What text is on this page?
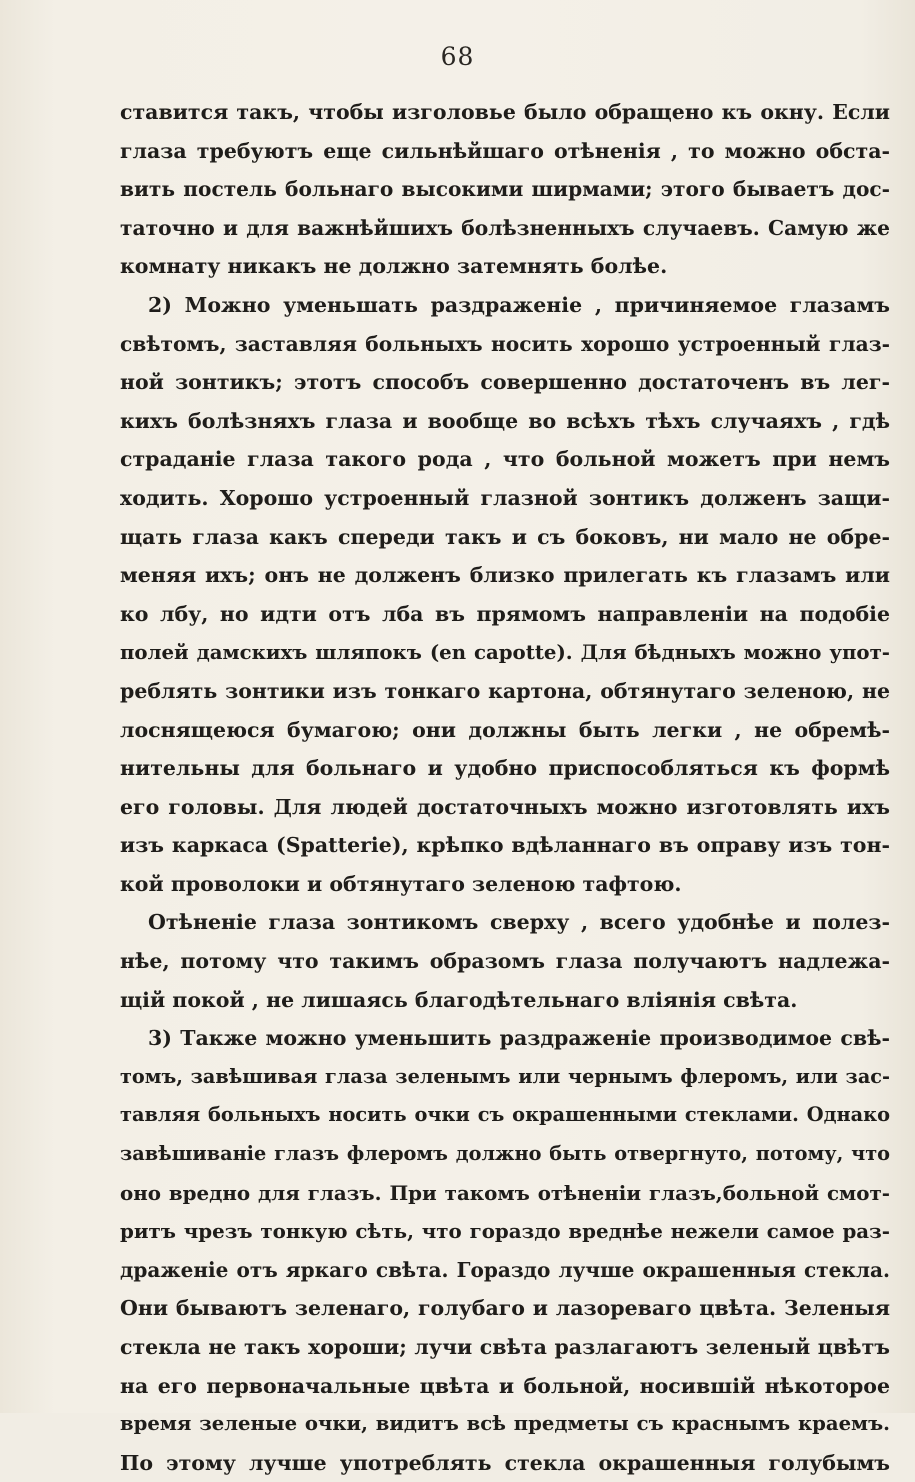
68
ставится такъ, чтобы изголовье было обращено къ окну. Если
глаза требуютъ еще сильнѣйшаго отѣненія , то можно обста-
вить постель больнаго высокими ширмами; этого бываетъ дос-
таточно и для важнѣйшихъ болѣзненныхъ случаевъ. Самую же
комнату никакъ не должно затемнять болѣе.
2) Можно уменьшать раздраженіе , причиняемое глазамъ
свѣтомъ, заставляя больныхъ носить хорошо устроенный глаз-
ной зонтикъ; этотъ способъ совершенно достаточенъ въ лег-
кихъ болѣзняхъ глаза и вообще во всѣхъ тѣхъ случаяхъ , гдѣ
страданіе глаза такого рода , что больной можетъ при немъ
ходить. Хорошо устроенный глазной зонтикъ долженъ защи-
щать глаза какъ спереди такъ и съ боковъ, ни мало не обре-
меняя ихъ; онъ не долженъ близко прилегать къ глазамъ или
ко лбу, но идти отъ лба въ прямомъ направленіи на подобіе
полей дамскихъ шляпокъ (en capotte). Для бѣдныхъ можно упот-
реблять зонтики изъ тонкаго картона, обтянутаго зеленою, не
лоснящеюся бумагою; они должны быть легки , не обремѣ-
нительны для больнаго и удобно приспособляться къ формѣ
его головы. Для людей достаточныхъ можно изготовлять ихъ
изъ каркаса (Spatterie), крѣпко вдѣланнаго въ оправу изъ тон-
кой проволоки и обтянутаго зеленою тафтою.
Отѣненіе глаза зонтикомъ сверху , всего удобнѣе и полез-
нѣе, потому что такимъ образомъ глаза получаютъ надлежа-
щій покой , не лишаясь благодѣтельнаго вліянія свѣта.
3) Также можно уменьшить раздраженіе производимое свѣ-
томъ, завѣшивая глаза зеленымъ или чернымъ флеромъ, или зас-
тавляя больныхъ носить очки съ окрашенными стеклами. Однако
завѣшиваніе глазъ флеромъ должно быть отвергнуто, потому, что
оно вредно для глазъ. При такомъ отѣненіи глазъ,больной смот-
ритъ чрезъ тонкую сѣть, что гораздо вреднѣе нежели самое раз-
драженіе отъ яркаго свѣта. Гораздо лучше окрашенныя стекла.
Они бываютъ зеленаго, голубаго и лазореваго цвѣта. Зеленыя
стекла не такъ хороши; лучи свѣта разлагаютъ зеленый цвѣтъ
на его первоначальные цвѣта и больной, носившій нѣкоторое
время зеленые очки, видитъ всѣ предметы съ краснымъ краемъ.
По этому лучше употреблять стекла окрашенныя голубымъ
